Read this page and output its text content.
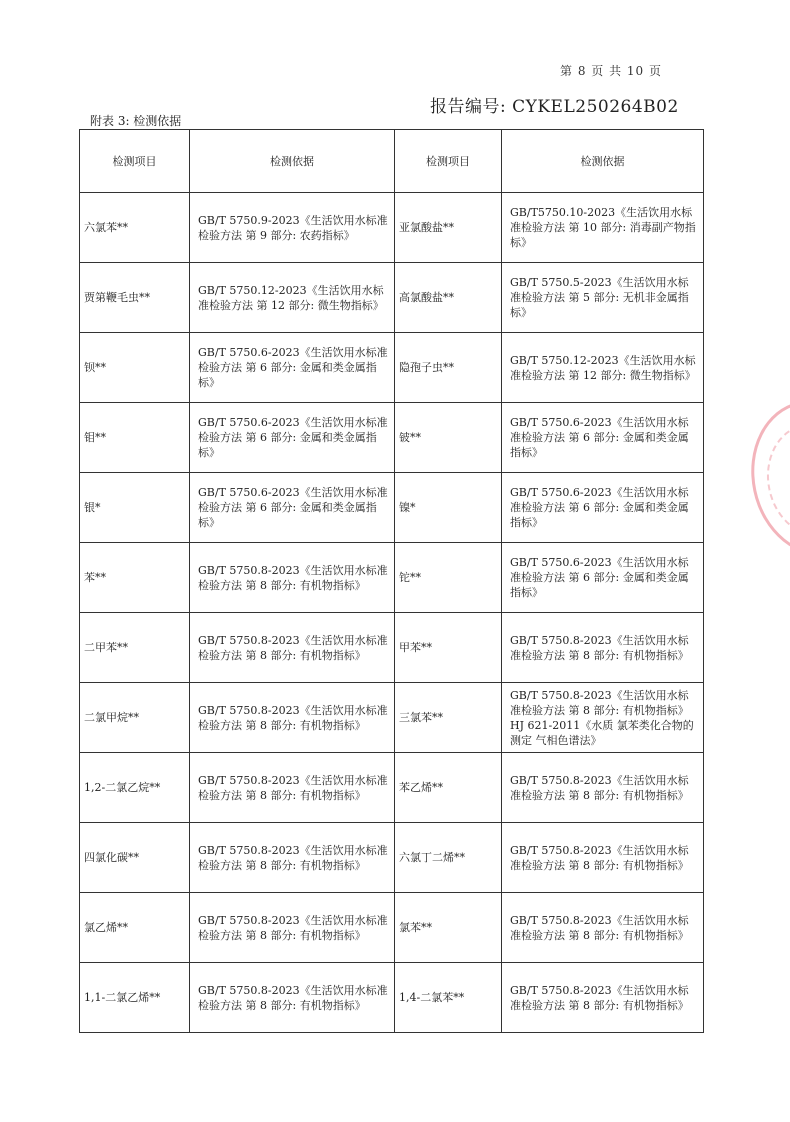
第 8 页 共 10 页
报告编号: CYKEL250264B02
附表 3: 检测依据
检测项目	检测依据	检测项目	检测依据
六氯苯**	GB/T 5750.9-2023《生活饮用水标准检验方法 第 9 部分: 农药指标》	亚氯酸盐**	GB/T5750.10-2023《生活饮用水标准检验方法 第 10 部分: 消毒副产物指标》
贾第鞭毛虫**	GB/T 5750.12-2023《生活饮用水标准检验方法 第 12 部分: 微生物指标》	高氯酸盐**	GB/T 5750.5-2023《生活饮用水标准检验方法 第 5 部分: 无机非金属指标》
钡**	GB/T 5750.6-2023《生活饮用水标准检验方法 第 6 部分: 金属和类金属指标》	隐孢子虫**	GB/T 5750.12-2023《生活饮用水标准检验方法 第 12 部分: 微生物指标》
钼**	GB/T 5750.6-2023《生活饮用水标准检验方法 第 6 部分: 金属和类金属指标》	铍**	GB/T 5750.6-2023《生活饮用水标准检验方法 第 6 部分: 金属和类金属指标》
银*	GB/T 5750.6-2023《生活饮用水标准检验方法 第 6 部分: 金属和类金属指标》	镍*	GB/T 5750.6-2023《生活饮用水标准检验方法 第 6 部分: 金属和类金属指标》
苯**	GB/T 5750.8-2023《生活饮用水标准检验方法 第 8 部分: 有机物指标》	铊**	GB/T 5750.6-2023《生活饮用水标准检验方法 第 6 部分: 金属和类金属指标》
二甲苯**	GB/T 5750.8-2023《生活饮用水标准检验方法 第 8 部分: 有机物指标》	甲苯**	GB/T 5750.8-2023《生活饮用水标准检验方法 第 8 部分: 有机物指标》
二氯甲烷**	GB/T 5750.8-2023《生活饮用水标准检验方法 第 8 部分: 有机物指标》	三氯苯**	GB/T 5750.8-2023《生活饮用水标准检验方法 第 8 部分: 有机物指标》HJ 621-2011《水质 氯苯类化合物的测定 气相色谱法》
1,2-二氯乙烷**	GB/T 5750.8-2023《生活饮用水标准检验方法 第 8 部分: 有机物指标》	苯乙烯**	GB/T 5750.8-2023《生活饮用水标准检验方法 第 8 部分: 有机物指标》
四氯化碳**	GB/T 5750.8-2023《生活饮用水标准检验方法 第 8 部分: 有机物指标》	六氯丁二烯**	GB/T 5750.8-2023《生活饮用水标准检验方法 第 8 部分: 有机物指标》
氯乙烯**	GB/T 5750.8-2023《生活饮用水标准检验方法 第 8 部分: 有机物指标》	氯苯**	GB/T 5750.8-2023《生活饮用水标准检验方法 第 8 部分: 有机物指标》
1,1-二氯乙烯**	GB/T 5750.8-2023《生活饮用水标准检验方法 第 8 部分: 有机物指标》	1,4-二氯苯**	GB/T 5750.8-2023《生活饮用水标准检验方法 第 8 部分: 有机物指标》
